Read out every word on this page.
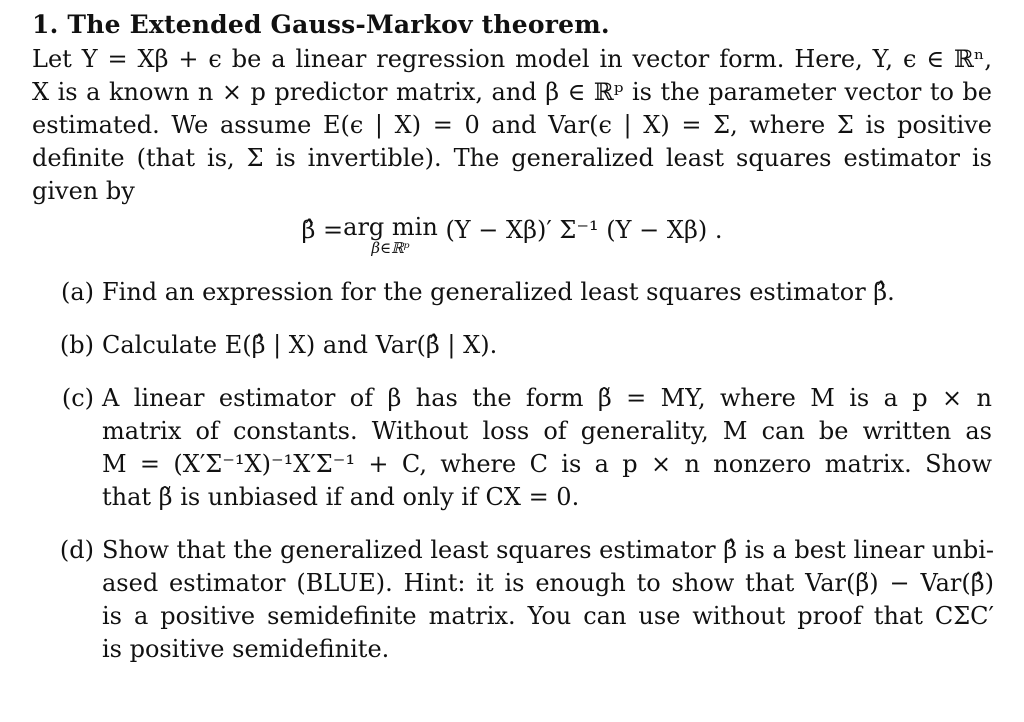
1. The Extended Gauss-Markov theorem.

Let Y = Xβ + ϵ be a linear regression model in vector form. Here, Y, ϵ ∈ ℝⁿ,
X is a known n × p predictor matrix, and β ∈ ℝᵖ is the parameter vector to be
estimated. We assume E(ϵ | X) = 0 and Var(ϵ | X) = Σ, where Σ is positive
definite (that is, Σ is invertible). The generalized least squares estimator is
given by

β̂ =arg min
β∈ℝᵖ
(Y − Xβ)′ Σ⁻¹ (Y − Xβ) .
(a) Find an expression for the generalized least squares estimator β̂.
(b) Calculate E(β̂ | X) and Var(β̂ | X).
(c) A linear estimator of β has the form β̃ = MY, where M is a p × n
matrix of constants. Without loss of generality, M can be written as
M = (X′Σ⁻¹X)⁻¹X′Σ⁻¹ + C, where C is a p × n nonzero matrix. Show
that β̃ is unbiased if and only if CX = 0.
(d) Show that the generalized least squares estimator β̂ is a best linear unbi-
ased estimator (BLUE). Hint: it is enough to show that Var(β̃) − Var(β̂)
is a positive semidefinite matrix. You can use without proof that CΣC′
is positive semidefinite.
